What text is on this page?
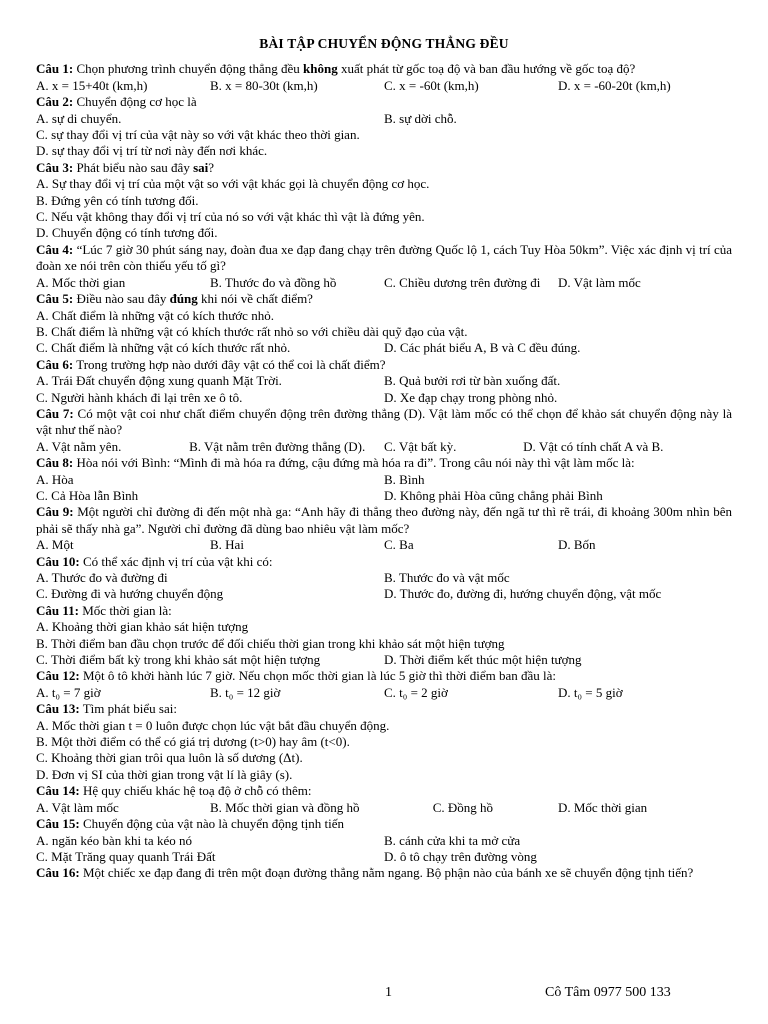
BÀI TẬP CHUYỂN ĐỘNG THẲNG ĐỀU
Câu 1: Chọn phương trình chuyển động thẳng đều không xuất phát từ gốc toạ độ và ban đầu hướng về gốc toạ độ?
A. x = 15+40t (km,h)	B. x = 80-30t (km,h)	C. x = -60t (km,h)	D. x = -60-20t (km,h)
Câu 2: Chuyển động cơ học là
A. sự di chuyển.	B. sự dời chỗ.
C. sự thay đổi vị trí của vật này so với vật khác theo thời gian.
D. sự thay đổi vị trí từ nơi này đến nơi khác.
Câu 3: Phát biểu nào sau đây sai?
A. Sự thay đổi vị trí của một vật so với vật khác gọi là chuyển động cơ học.
B. Đứng yên có tính tương đối.
C. Nếu vật không thay đổi vị trí của nó so với vật khác thì vật là đứng yên.
D. Chuyển động có tính tương đối.
Câu 4: “Lúc 7 giờ 30 phút sáng nay, đoàn đua xe đạp đang chạy trên đường Quốc lộ 1, cách Tuy Hòa 50km”. Việc xác định vị trí của đoàn xe nói trên còn thiếu yếu tố gì?
A. Mốc thời gian	B. Thước đo và đồng hồ	C. Chiều dương trên đường đi	D. Vật làm mốc
Câu 5: Điều nào sau đây đúng khi nói về chất điểm?
A. Chất điểm là những vật có kích thước nhỏ.
B. Chất điểm là những vật có khích thước rất nhỏ so với chiều dài quỹ đạo của vật.
C. Chất điểm là những vật có kích thước rất nhỏ.	D. Các phát biểu A, B và C đều đúng.
Câu 6: Trong trường hợp nào dưới đây vật có thể coi là chất điểm?
A. Trái Đất chuyển động xung quanh Mặt Trời.	B. Quả bưởi rơi từ bàn xuống đất.
C. Người hành khách đi lại trên xe ô tô.	D. Xe đạp chạy trong phòng nhỏ.
Câu 7: Có một vật coi như chất điểm chuyển động trên đường thẳng (D). Vật làm mốc có thể chọn để khảo sát chuyển động này là vật như thế nào?
A. Vật nằm yên.	B. Vật nằm trên đường thẳng (D).	C. Vật bất kỳ.	D. Vật có tính chất A và B.
Câu 8: Hòa nói với Bình: “Mình đi mà hóa ra đứng, cậu đứng mà hóa ra đi”. Trong câu nói này thì vật làm mốc là:
A. Hòa	B. Bình
C. Cả Hòa lẫn Bình	D. Không phải Hòa cũng chẳng phải Bình
Câu 9: Một người chỉ đường đi đến một nhà ga: “Anh hãy đi thẳng theo đường này, đến ngã tư thì rẽ trái, đi khoảng 300m nhìn bên phải sẽ thấy nhà ga”. Người chỉ đường đã dùng bao nhiêu vật làm mốc?
A. Một	B. Hai	C. Ba	D. Bốn
Câu 10: Có thể xác định vị trí của vật khi có:
A. Thước đo và đường đi	B. Thước đo và vật mốc
C. Đường đi và hướng chuyển động	D. Thước đo, đường đi, hướng chuyển động, vật mốc
Câu 11: Mốc thời gian là:
A. Khoảng thời gian khảo sát hiện tượng
B. Thời điểm ban đầu chọn trước để đối chiếu thời gian trong khi khảo sát một hiện tượng
C. Thời điểm bất kỳ trong khi khảo sát một hiện tượng	D. Thời điểm kết thúc một hiện tượng
Câu 12: Một ô tô khởi hành lúc 7 giờ. Nếu chọn mốc thời gian là lúc 5 giờ thì thời điểm ban đầu là:
A. t₀ = 7 giờ	B. t₀ = 12 giờ	C. t₀ = 2 giờ	D. t₀ = 5 giờ
Câu 13: Tìm phát biểu sai:
A. Mốc thời gian t = 0 luôn được chọn lúc vật bắt đầu chuyển động.
B. Một thời điểm có thể có giá trị dương (t>0) hay âm (t<0).
C. Khoảng thời gian trôi qua luôn là số dương (Δt).
D. Đơn vị SI của thời gian trong vật lí là giây (s).
Câu 14: Hệ quy chiếu khác hệ toạ độ ở chỗ có thêm:
A. Vật làm mốc	B. Mốc thời gian và đồng hồ	C. Đồng hồ	D. Mốc thời gian
Câu 15: Chuyển động của vật nào là chuyển động tịnh tiến
A. ngăn kéo bàn khi ta kéo nó	B. cánh cửa khi ta mở cửa
C. Mặt Trăng quay quanh Trái Đất	D. ô tô chạy trên đường vòng
Câu 16: Một chiếc xe đạp đang đi trên một đoạn đường thẳng nằm ngang. Bộ phận nào của bánh xe sẽ chuyển động tịnh tiến?
1	Cô Tâm 0977 500 133
